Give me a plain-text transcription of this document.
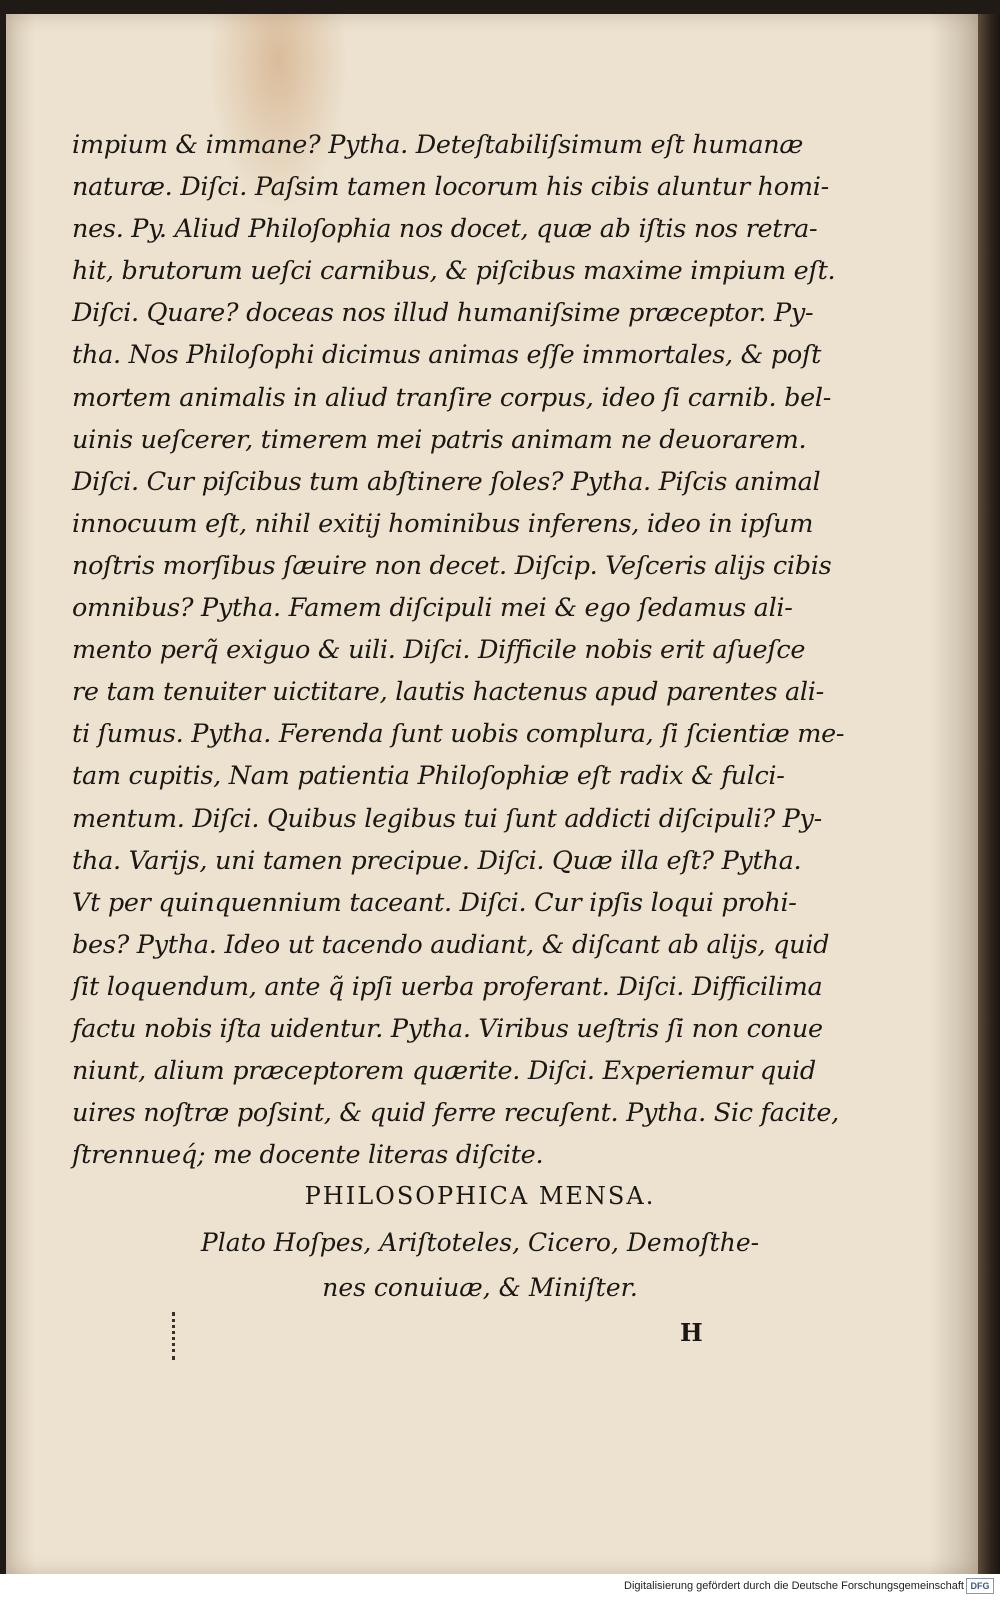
impium & immane? Pytha. Deteſtabiliſsimum eſt humanæ
naturæ. Diſci. Paſsim tamen locorum his cibis aluntur homi-
nes. Py. Aliud Philoſophia nos docet, quæ ab iſtis nos retra-
hit, brutorum ueſci carnibus, & piſcibus maxime impium eſt.
Diſci. Quare? doceas nos illud humaniſsime præceptor. Py-
tha. Nos Philoſophi dicimus animas eſſe immortales, & poſt
mortem animalis in aliud tranſire corpus, ideo ſi carnib. bel-
uinis ueſcerer, timerem mei patris animam ne deuorarem.
Diſci. Cur piſcibus tum abſtinere ſoles? Pytha. Piſcis animal
innocuum eſt, nihil exitij hominibus inferens, ideo in ipſum
noſtris morſibus ſæuire non decet. Diſcip. Veſceris alijs cibis
omnibus? Pytha. Famem diſcipuli mei & ego ſedamus ali-
mento perq̃ exiguo & uili. Diſci. Difficile nobis erit aſueſce
re tam tenuiter uictitare, lautis hactenus apud parentes ali-
ti ſumus. Pytha. Ferenda ſunt uobis complura, ſi ſcientiæ me-
tam cupitis, Nam patientia Philoſophiæ eſt radix & fulci-
mentum. Diſci. Quibus legibus tui ſunt addicti diſcipuli? Py-
tha. Varijs, uni tamen precipue. Diſci. Quæ illa eſt? Pytha.
Vt per quinquennium taceant. Diſci. Cur ipſis loqui prohi-
bes? Pytha. Ideo ut tacendo audiant, & diſcant ab alijs, quid
ſit loquendum, ante q̃ ipſi uerba proferant. Diſci. Difficilima
factu nobis iſta uidentur. Pytha. Viribus ueſtris ſi non conue
niunt, alium præceptorem quærite. Diſci. Experiemur quid
uires noſtræ poſsint, & quid ferre recuſent. Pytha. Sic facite,
ſtrennueq́; me docente literas diſcite.
PHILOSOPHICA MENSA.
Plato Hoſpes, Ariſtoteles, Cicero, Demoſthe-
nes conuiuæ, & Miniſter.
H
Digitalisierung gefördert durch die Deutsche Forschungsgemeinschaft DFG
